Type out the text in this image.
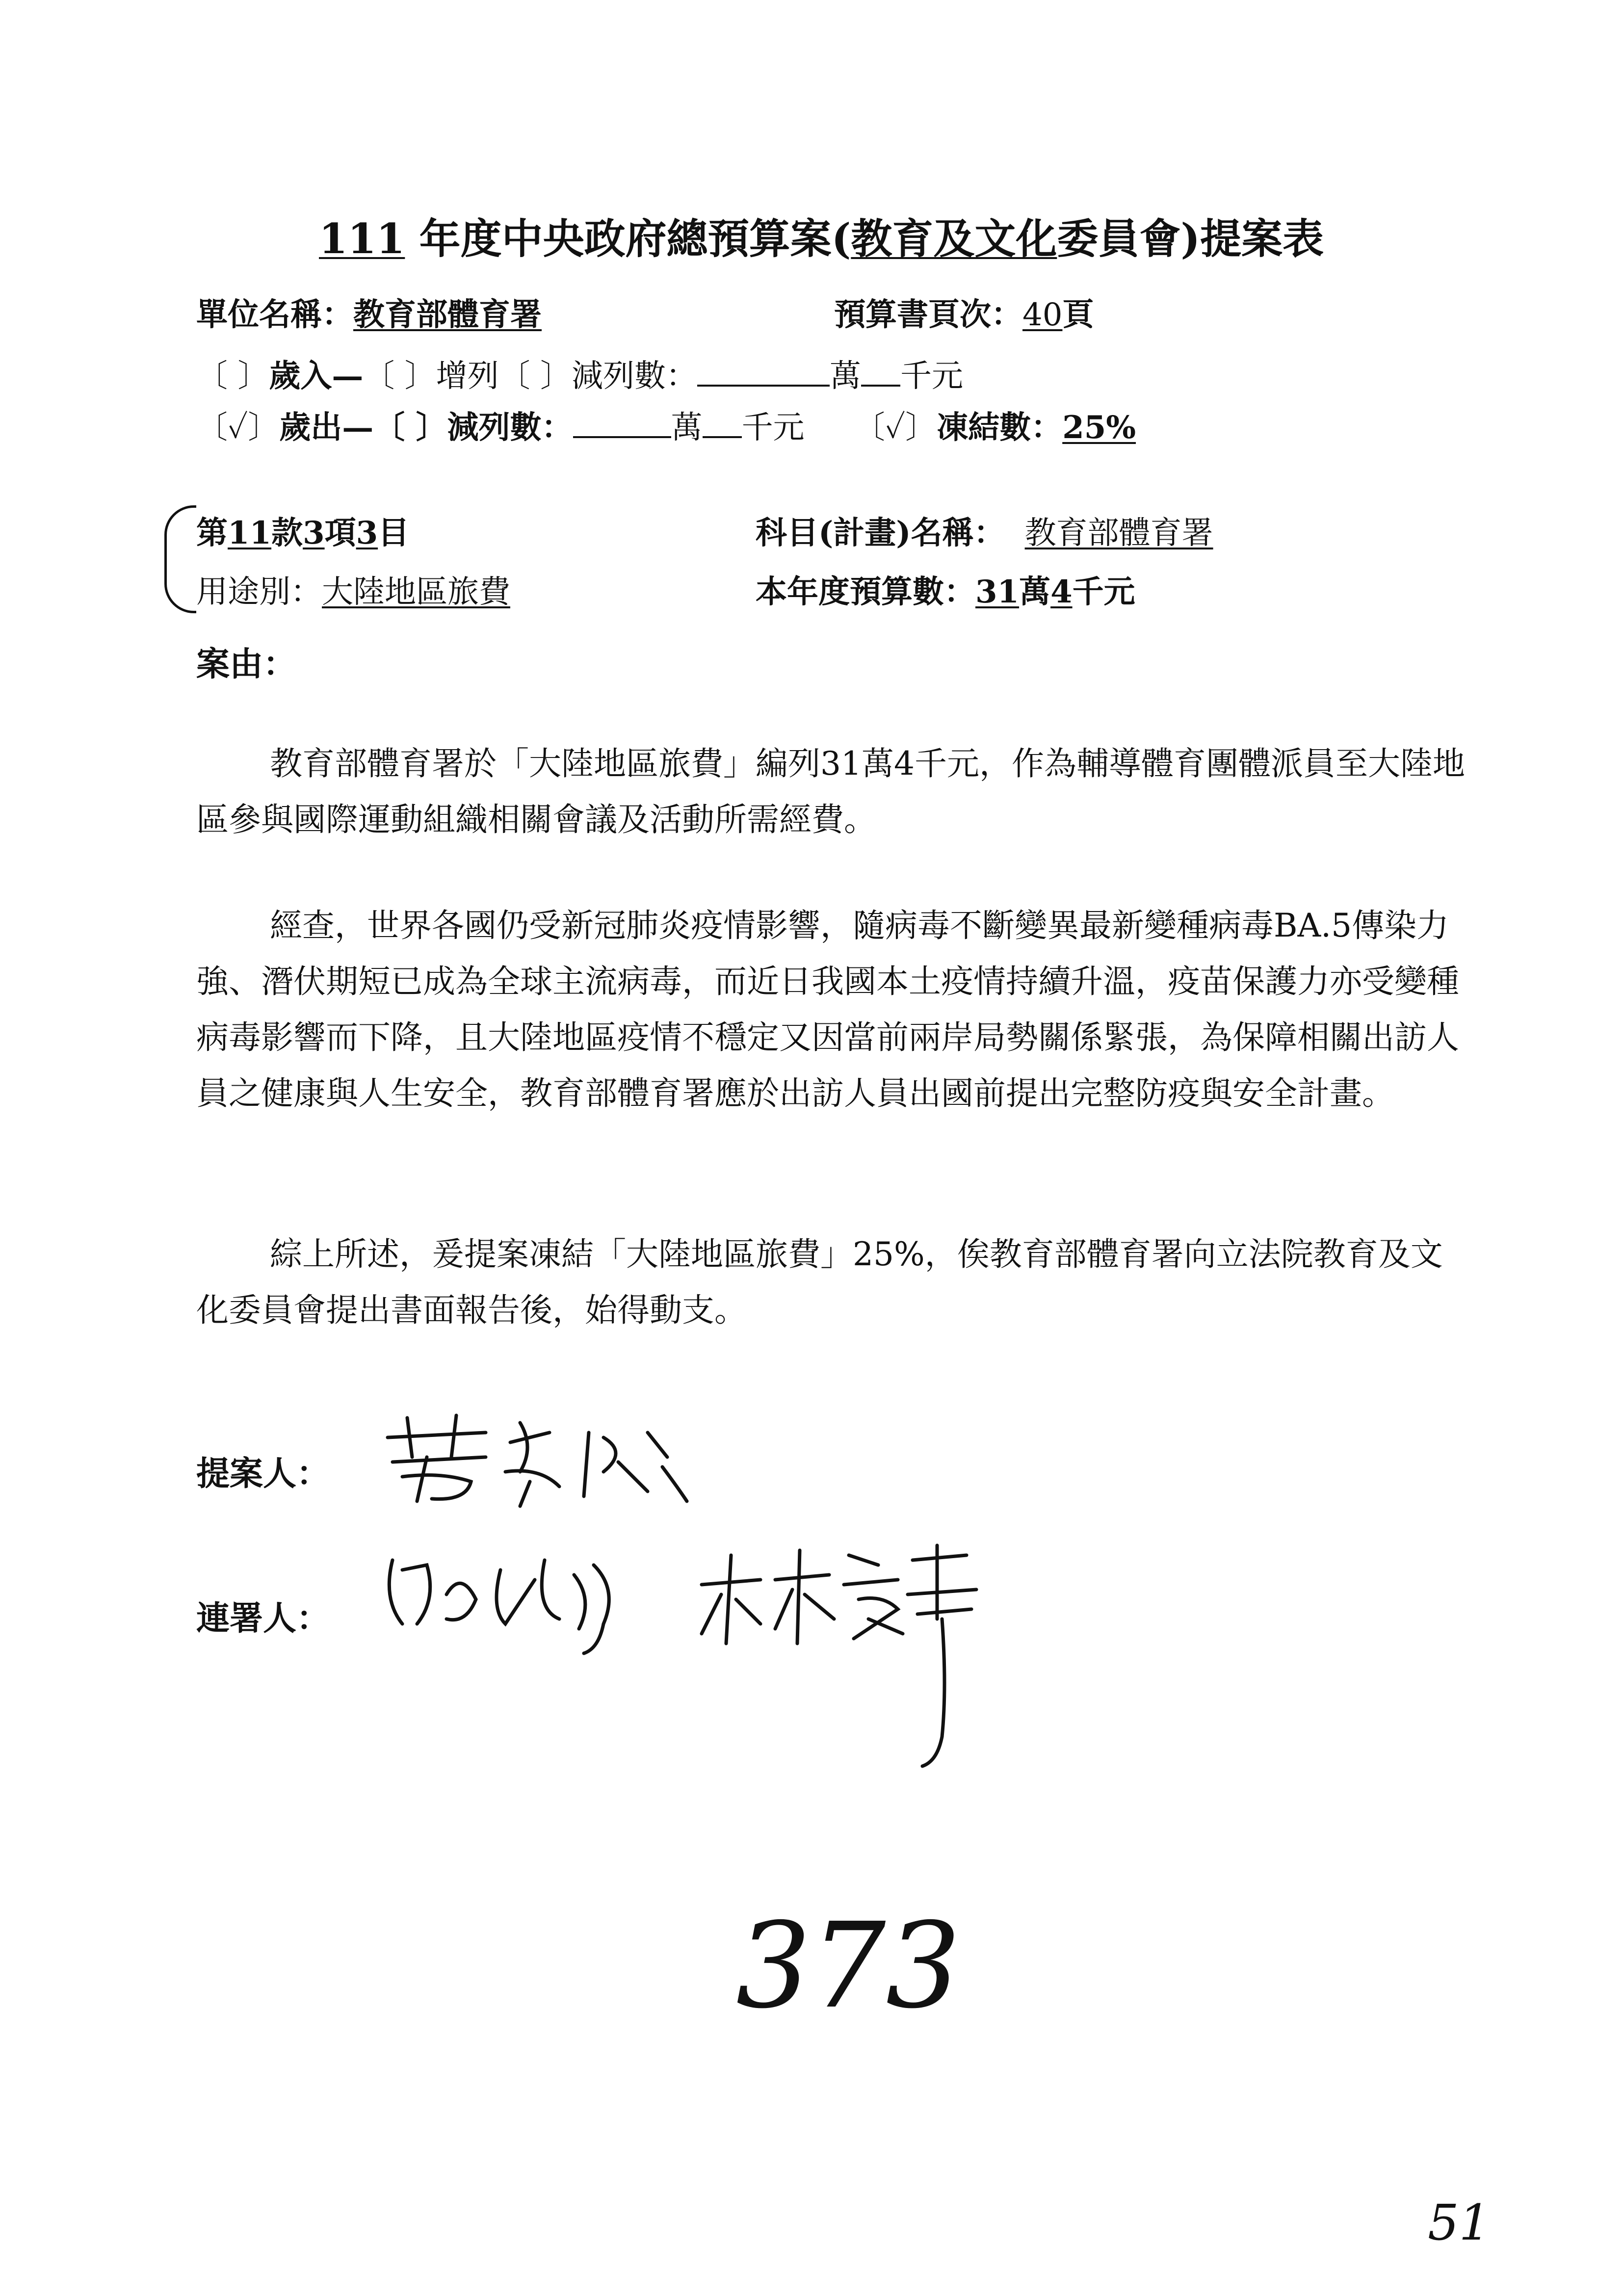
111 年度中央政府總預算案(教育及文化委員會)提案表
單位名稱：教育部體育署	預算書頁次：40頁
〔 〕歲入—〔 〕增列〔 〕減列數：	萬 千元
〔✓〕歲出—〔 〕減列數：	萬 千元 〔✓〕凍結數：25%
第11款3項3目	科目(計畫)名稱： 教育部體育署
用途別：大陸地區旅費	本年度預算數：31萬4千元
案由：
教育部體育署於「大陸地區旅費」編列31萬4千元，作為輔導體育團體派員至大陸地區參與國際運動組織相關會議及活動所需經費。
經查，世界各國仍受新冠肺炎疫情影響，隨病毒不斷變異最新變種病毒BA.5傳染力強、潛伏期短已成為全球主流病毒，而近日我國本土疫情持續升溫，疫苗保護力亦受變種病毒影響而下降，且大陸地區疫情不穩定又因當前兩岸局勢關係緊張，為保障相關出訪人員之健康與人生安全，教育部體育署應於出訪人員出國前提出完整防疫與安全計畫。
綜上所述，爰提案凍結「大陸地區旅費」25%，俟教育部體育署向立法院教育及文化委員會提出書面報告後，始得動支。
提案人：
連署人：
373
51
